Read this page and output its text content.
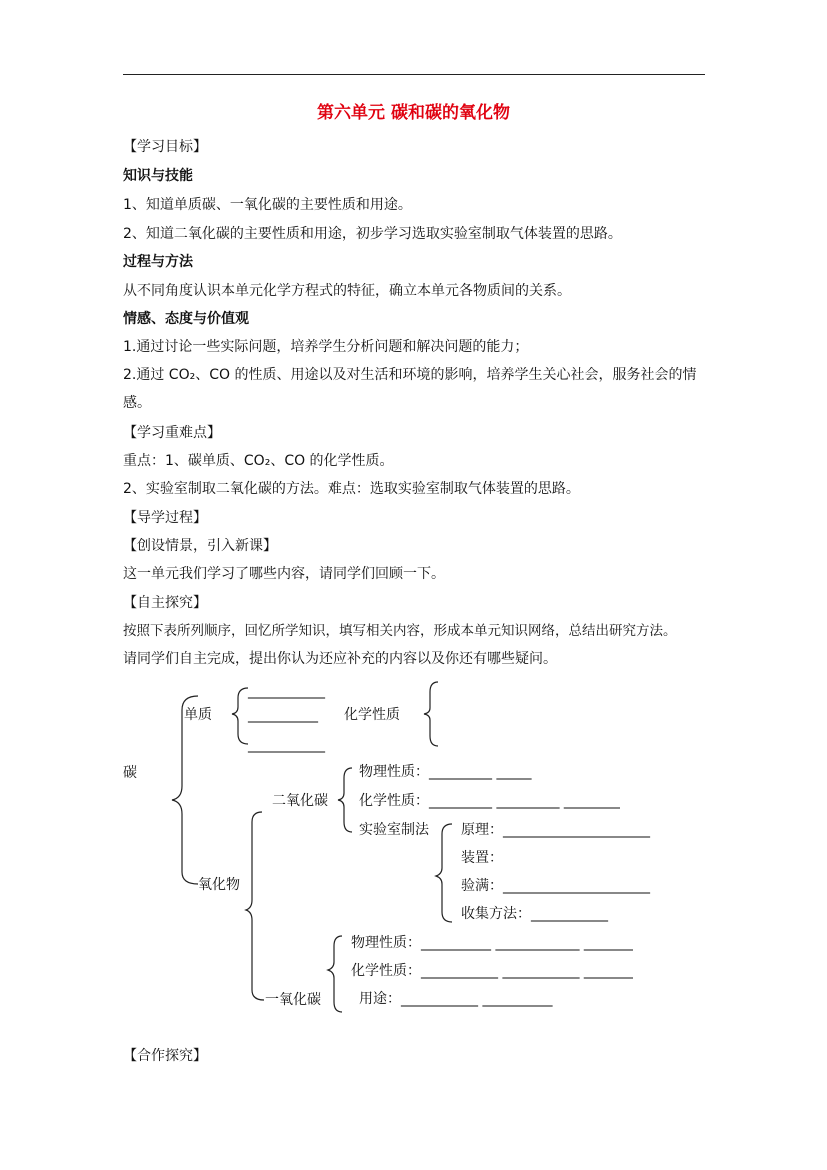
第六单元 碳和碳的氧化物
【学习目标】
知识与技能
1、知道单质碳、一氧化碳的主要性质和用途。
2、知道二氧化碳的主要性质和用途，初步学习选取实验室制取气体装置的思路。
过程与方法
从不同角度认识本单元化学方程式的特征，确立本单元各物质间的关系。
情感、态度与价值观
1.通过讨论一些实际问题，培养学生分析问题和解决问题的能力；
2.通过 CO₂、CO 的性质、用途以及对生活和环境的影响，培养学生关心社会，服务社会的情
感。
【学习重难点】
重点：1、碳单质、CO₂、CO 的化学性质。
2、实验室制取二氧化碳的方法。难点：选取实验室制取气体装置的思路。
【导学过程】
【创设情景，引入新课】
这一单元我们学习了哪些内容，请同学们回顾一下。
【自主探究】
按照下表所列顺序，回忆所学知识，填写相关内容，形成本单元知识网络，总结出研究方法。
请同学们自主完成，提出你认为还应补充的内容以及你还有哪些疑问。
碳
单质
___________
__________
___________
化学性质
氧化物
二氧化碳
物理性质：_________ _____
化学性质：_________ _________ ________
实验室制法 原理：_____________________
装置：
验满：_____________________
收集方法：___________
一氧化碳
物理性质：__________ ____________ _______
化学性质：___________ ___________ _______
用途：___________ __________
【合作探究】
